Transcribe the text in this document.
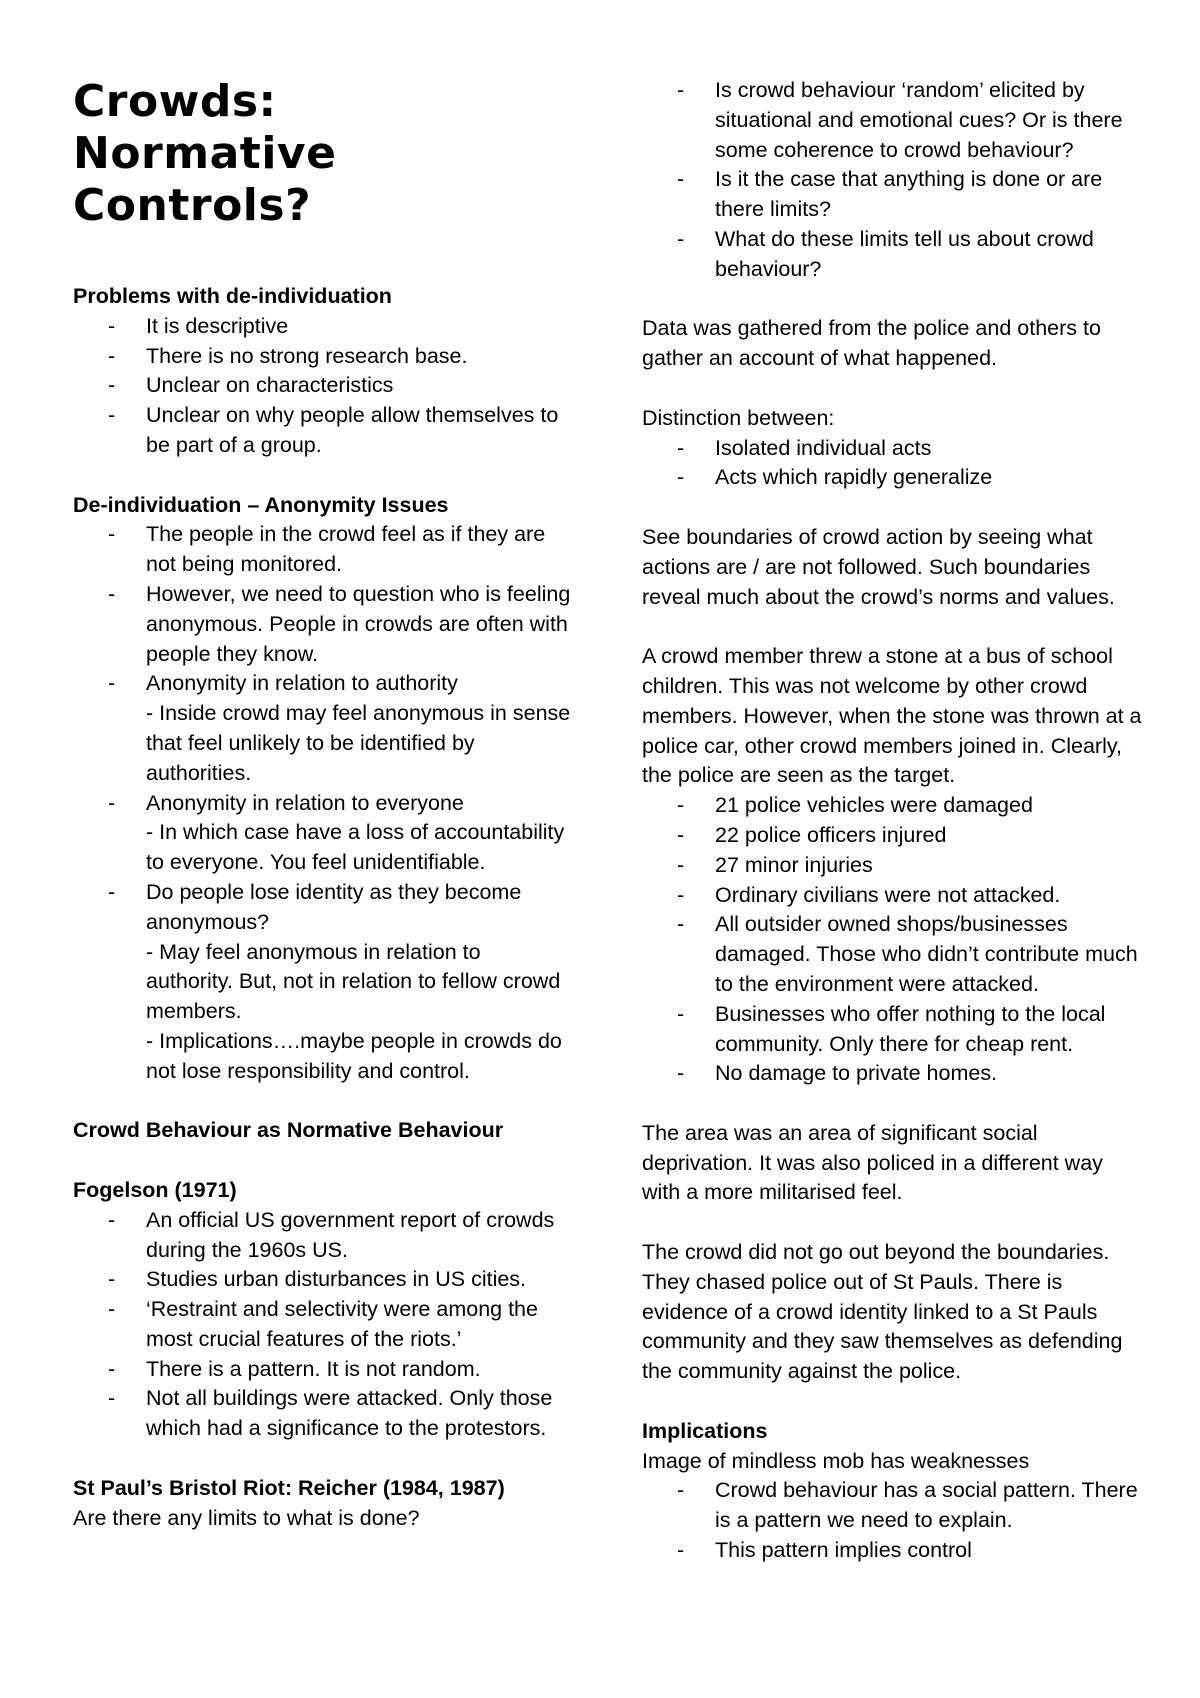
Crowds:
Normative
Controls?

Problems with de-individuation

- It is descriptive
- There is no strong research base.
- Unclear on characteristics
- Unclear on why people allow themselves to be part of a group.

De-individuation – Anonymity Issues

- The people in the crowd feel as if they are not being monitored.
- However, we need to question who is feeling anonymous. People in crowds are often with people they know.
- Anonymity in relation to authority
- Inside crowd may feel anonymous in sense that feel unlikely to be identified by authorities.
- Anonymity in relation to everyone
- In which case have a loss of accountability to everyone. You feel unidentifiable.
- Do people lose identity as they become anonymous?
- May feel anonymous in relation to authority. But, not in relation to fellow crowd members.
- Implications….maybe people in crowds do not lose responsibility and control.

Crowd Behaviour as Normative Behaviour

Fogelson (1971)

- An official US government report of crowds during the 1960s US.
- Studies urban disturbances in US cities.
- ‘Restraint and selectivity were among the most crucial features of the riots.’
- There is a pattern. It is not random.
- Not all buildings were attacked. Only those which had a significance to the protestors.

St Paul’s Bristol Riot: Reicher (1984, 1987)

Are there any limits to what is done?

- Is crowd behaviour ‘random’ elicited by situational and emotional cues? Or is there some coherence to crowd behaviour?
- Is it the case that anything is done or are there limits?
- What do these limits tell us about crowd behaviour?

Data was gathered from the police and others to gather an account of what happened.

Distinction between:

- Isolated individual acts
- Acts which rapidly generalize

See boundaries of crowd action by seeing what actions are / are not followed. Such boundaries reveal much about the crowd’s norms and values.

A crowd member threw a stone at a bus of school children. This was not welcome by other crowd members. However, when the stone was thrown at a police car, other crowd members joined in. Clearly, the police are seen as the target.

- 21 police vehicles were damaged
- 22 police officers injured
- 27 minor injuries
- Ordinary civilians were not attacked.
- All outsider owned shops/businesses damaged. Those who didn’t contribute much to the environment were attacked.
- Businesses who offer nothing to the local community. Only there for cheap rent.
- No damage to private homes.

The area was an area of significant social deprivation. It was also policed in a different way with a more militarised feel.

The crowd did not go out beyond the boundaries. They chased police out of St Pauls. There is evidence of a crowd identity linked to a St Pauls community and they saw themselves as defending the community against the police.

Implications

Image of mindless mob has weaknesses

- Crowd behaviour has a social pattern. There is a pattern we need to explain.
- This pattern implies control
